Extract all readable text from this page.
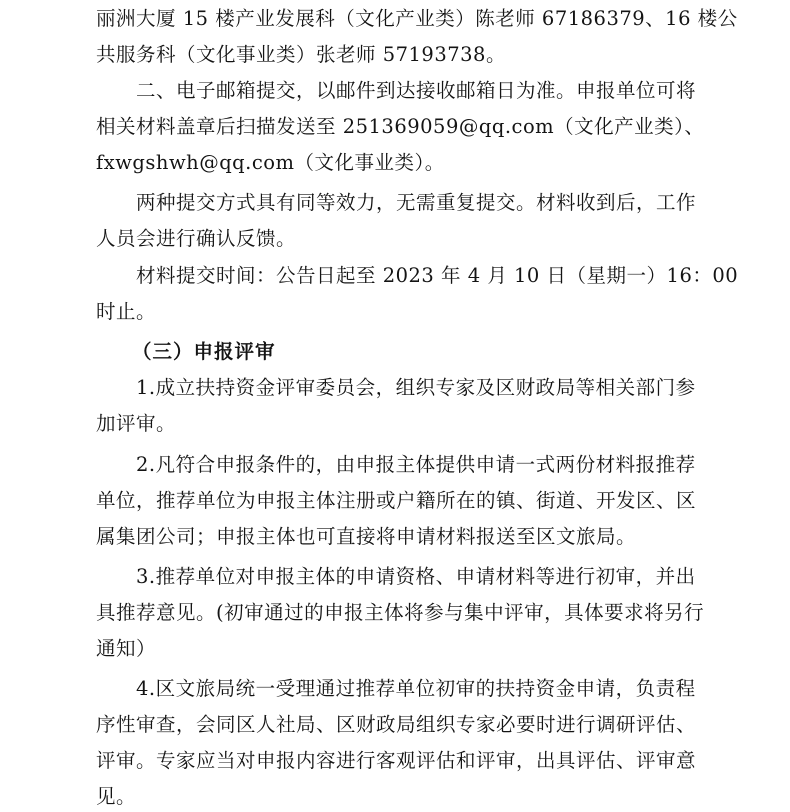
丽洲大厦 15 楼产业发展科（文化产业类）陈老师 67186379、16 楼公
共服务科（文化事业类）张老师 57193738。
二、电子邮箱提交，以邮件到达接收邮箱日为准。申报单位可将
相关材料盖章后扫描发送至 251369059@qq.com（文化产业类）、
fxwgshwh@qq.com（文化事业类）。
两种提交方式具有同等效力，无需重复提交。材料收到后，工作
人员会进行确认反馈。
材料提交时间：公告日起至 2023 年 4 月 10 日（星期一）16：00
时止。
（三）申报评审
1.成立扶持资金评审委员会，组织专家及区财政局等相关部门参
加评审。
2.凡符合申报条件的，由申报主体提供申请一式两份材料报推荐
单位，推荐单位为申报主体注册或户籍所在的镇、街道、开发区、区
属集团公司；申报主体也可直接将申请材料报送至区文旅局。
3.推荐单位对申报主体的申请资格、申请材料等进行初审，并出
具推荐意见。(初审通过的申报主体将参与集中评审，具体要求将另行
通知）
4.区文旅局统一受理通过推荐单位初审的扶持资金申请，负责程
序性审查，会同区人社局、区财政局组织专家必要时进行调研评估、
评审。专家应当对申报内容进行客观评估和评审，出具评估、评审意
见。
